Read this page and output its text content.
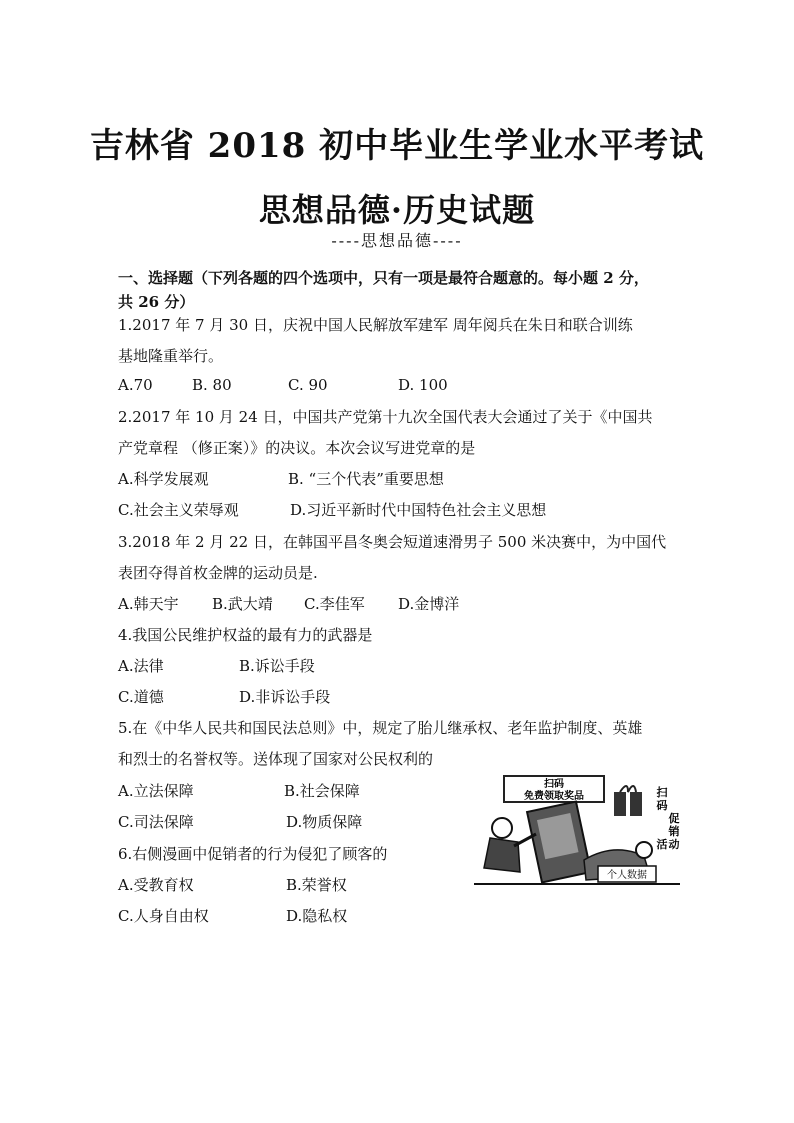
吉林省 2018 初中毕业生学业水平考试
思想品德·历史试题
----思想品德----
一、选择题（下列各题的四个选项中，只有一项是最符合题意的。每小题 2 分，
共 26 分）
1.2017 年 7 月 30 日，庆祝中国人民解放军建军 周年阅兵在朱日和联合训练
基地隆重举行。
A.70	B. 80	C. 90	D. 100
2.2017 年 10 月 24 日，中国共产党第十九次全国代表大会通过了关于《中国共
产党章程 （修正案）》的决议。本次会议写进党章的是
A.科学发展观	B. “三个代表”重要思想
C.社会主义荣辱观	D.习近平新时代中国特色社会主义思想
3.2018 年 2 月 22 日，在韩国平昌冬奥会短道速滑男子 500 米决赛中，为中国代
表团夺得首枚金牌的运动员是.
A.韩天宇 B.武大靖 C.李佳军 D.金博洋
4.我国公民维护权益的最有力的武器是
A.法律	B.诉讼手段
C.道德	D.非诉讼手段
5.在《中华人民共和国民法总则》中，规定了胎儿继承权、老年监护制度、英雄
和烈士的名誉权等。送体现了国家对公民权利的
A.立法保障	B.社会保障
C.司法保障	D.物质保障
6.右侧漫画中促销者的行为侵犯了顾客的
A.受教育权	B.荣誉权
C.人身自由权	D.隐私权
扫码
免费领取奖品
个人数据
扫
码
促
销
活 动
